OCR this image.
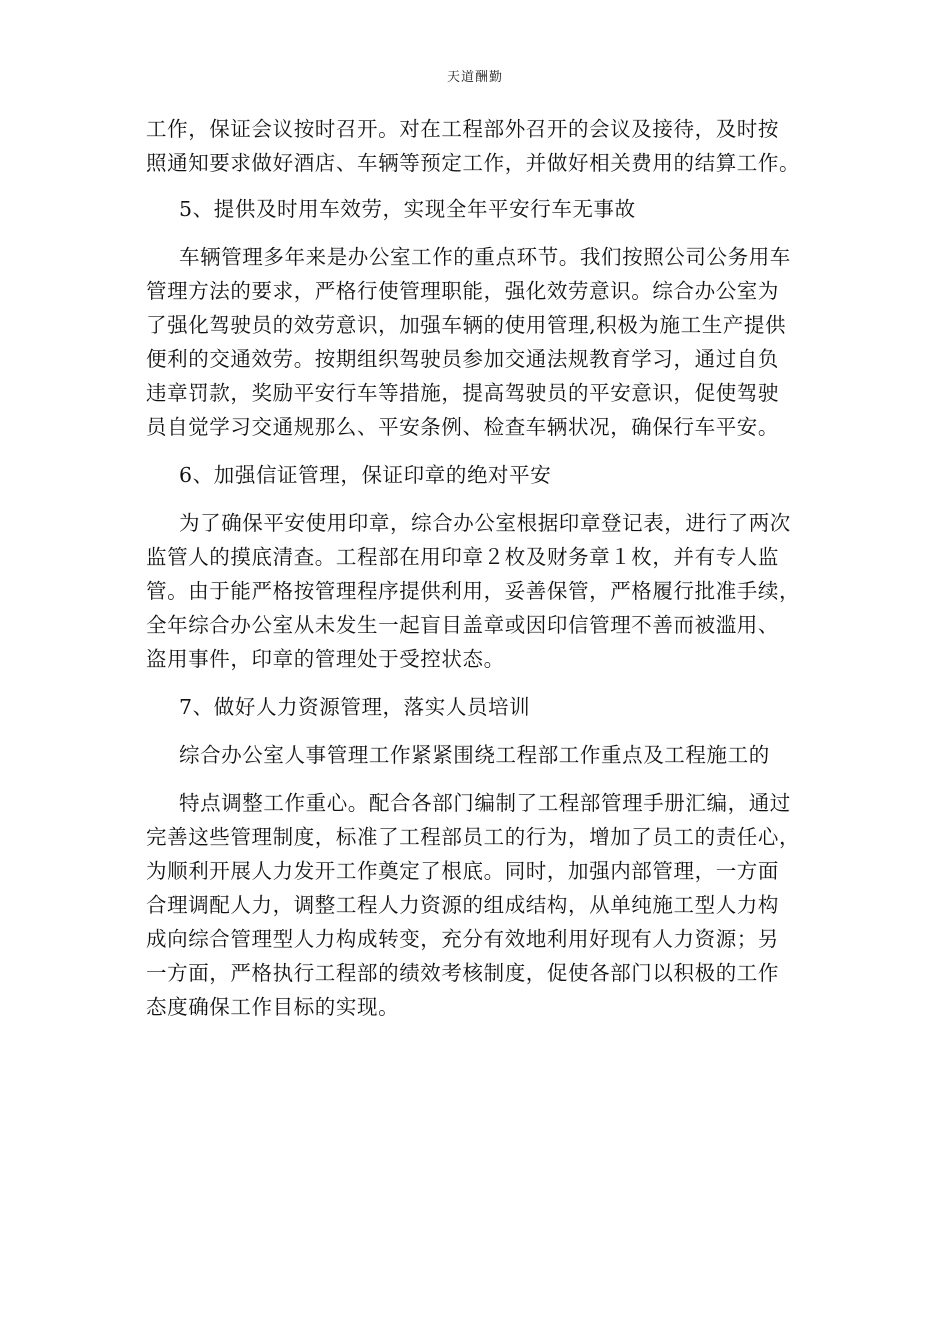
天道酬勤

工作，保证会议按时召开。对在工程部外召开的会议及接待，及时按
照通知要求做好酒店、车辆等预定工作，并做好相关费用的结算工作。

5、提供及时用车效劳，实现全年平安行车无事故

车辆管理多年来是办公室工作的重点环节。我们按照公司公务用车
管理方法的要求，严格行使管理职能，强化效劳意识。综合办公室为
了强化驾驶员的效劳意识，加强车辆的使用管理,积极为施工生产提供
便利的交通效劳。按期组织驾驶员参加交通法规教育学习，通过自负
违章罚款，奖励平安行车等措施，提高驾驶员的平安意识，促使驾驶
员自觉学习交通规那么、平安条例、检查车辆状况，确保行车平安。

6、加强信证管理，保证印章的绝对平安

为了确保平安使用印章，综合办公室根据印章登记表，进行了两次
监管人的摸底清查。工程部在用印章２枚及财务章１枚，并有专人监
管。由于能严格按管理程序提供利用，妥善保管，严格履行批准手续，
全年综合办公室从未发生一起盲目盖章或因印信管理不善而被滥用、
盗用事件，印章的管理处于受控状态。

7、做好人力资源管理，落实人员培训

综合办公室人事管理工作紧紧围绕工程部工作重点及工程施工的

特点调整工作重心。配合各部门编制了工程部管理手册汇编，通过
完善这些管理制度，标准了工程部员工的行为，增加了员工的责任心，
为顺利开展人力发开工作奠定了根底。同时，加强内部管理，一方面
合理调配人力，调整工程人力资源的组成结构，从单纯施工型人力构
成向综合管理型人力构成转变，充分有效地利用好现有人力资源；另
一方面，严格执行工程部的绩效考核制度，促使各部门以积极的工作
态度确保工作目标的实现。
